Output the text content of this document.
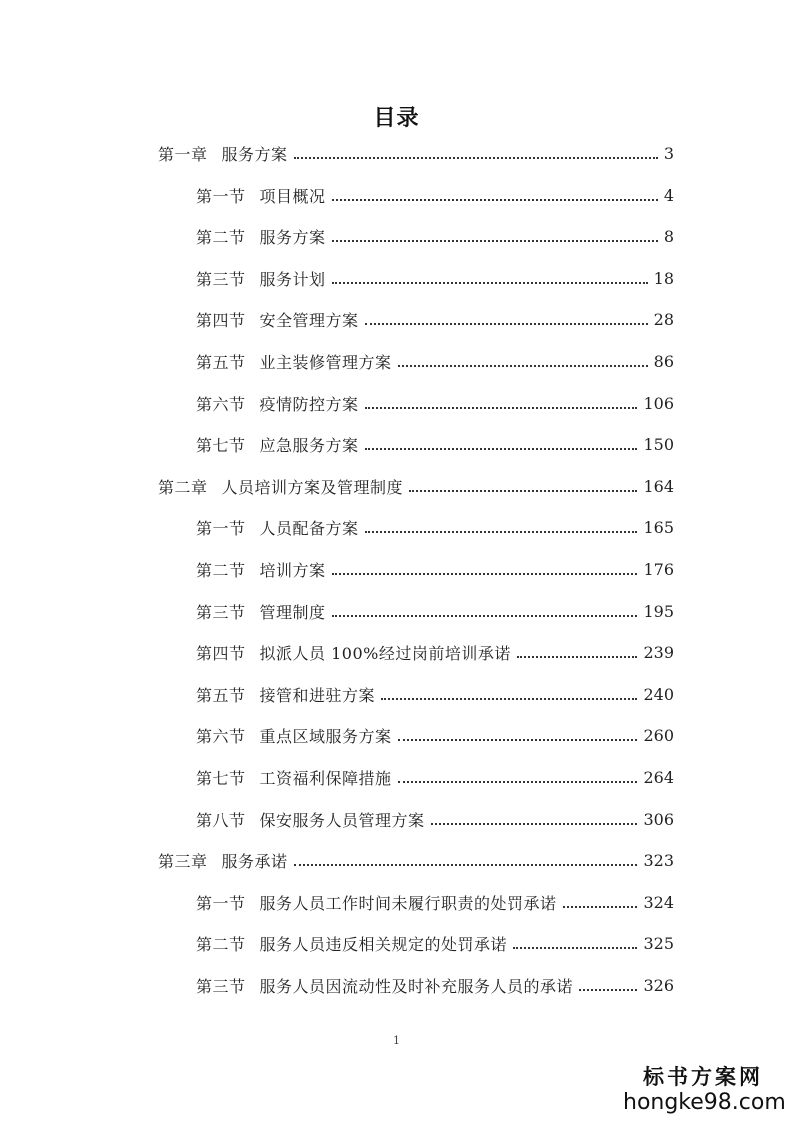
目录
第一章 服务方案	3
第一节 项目概况	4
第二节 服务方案	8
第三节 服务计划	18
第四节 安全管理方案	28
第五节 业主装修管理方案	86
第六节 疫情防控方案	106
第七节 应急服务方案	150
第二章 人员培训方案及管理制度	164
第一节 人员配备方案	165
第二节 培训方案	176
第三节 管理制度	195
第四节 拟派人员 100%经过岗前培训承诺	239
第五节 接管和进驻方案	240
第六节 重点区域服务方案	260
第七节 工资福利保障措施	264
第八节 保安服务人员管理方案	306
第三章 服务承诺	323
第一节 服务人员工作时间未履行职责的处罚承诺	324
第二节 服务人员违反相关规定的处罚承诺	325
第三节 服务人员因流动性及时补充服务人员的承诺	326
1
标书方案网
hongke98.com
